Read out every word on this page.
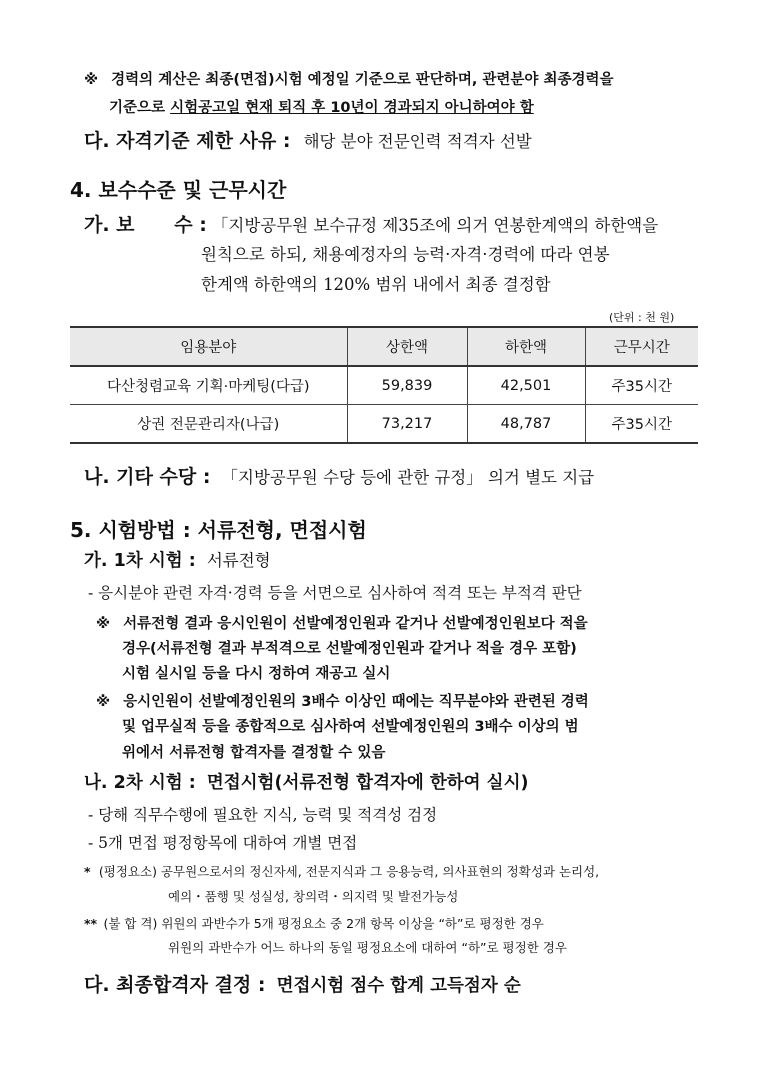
※ 경력의 계산은 최종(면접)시험 예정일 기준으로 판단하며, 관련분야 최종경력을
기준으로 시험공고일 현재 퇴직 후 10년이 경과되지 아니하여야 함
다. 자격기준 제한 사유 : 해당 분야 전문인력 적격자 선발
4. 보수수준 및 근무시간
가. 보      수 : 「지방공무원 보수규정 제35조에 의거 연봉한계액의 하한액을
원칙으로 하되, 채용예정자의 능력·자격·경력에 따라 연봉
한계액 하한액의 120% 범위 내에서 최종 결정함
(단위 : 천 원)
임용분야	상한액	하한액	근무시간
다산청렴교육 기획·마케팅(다급)	59,839	42,501	주35시간
상권 전문관리자(나급)	73,217	48,787	주35시간
나. 기타 수당 : 「지방공무원 수당 등에 관한 규정」 의거 별도 지급
5. 시험방법 : 서류전형, 면접시험
가. 1차 시험 : 서류전형
- 응시분야 관련 자격·경력 등을 서면으로 심사하여 적격 또는 부적격 판단
※ 서류전형 결과 응시인원이 선발예정인원과 같거나 선발예정인원보다 적을
경우(서류전형 결과 부적격으로 선발예정인원과 같거나 적을 경우 포함)
시험 실시일 등을 다시 정하여 재공고 실시
※ 응시인원이 선발예정인원의 3배수 이상인 때에는 직무분야와 관련된 경력
및 업무실적 등을 종합적으로 심사하여 선발예정인원의 3배수 이상의 범
위에서 서류전형 합격자를 결정할 수 있음
나. 2차 시험 : 면접시험(서류전형 합격자에 한하여 실시)
- 당해 직무수행에 필요한 지식, 능력 및 적격성 검정
- 5개 면접 평정항목에 대하여 개별 면접
* (평정요소) 공무원으로서의 정신자세, 전문지식과 그 응용능력, 의사표현의 정확성과 논리성,
예의・품행 및 성실성, 창의력・의지력 및 발전가능성
** (불 합 격) 위원의 과반수가 5개 평정요소 중 2개 항목 이상을 “하”로 평정한 경우
위원의 과반수가 어느 하나의 동일 평정요소에 대하여 “하”로 평정한 경우
다. 최종합격자 결정 : 면접시험 점수 합계 고득점자 순
